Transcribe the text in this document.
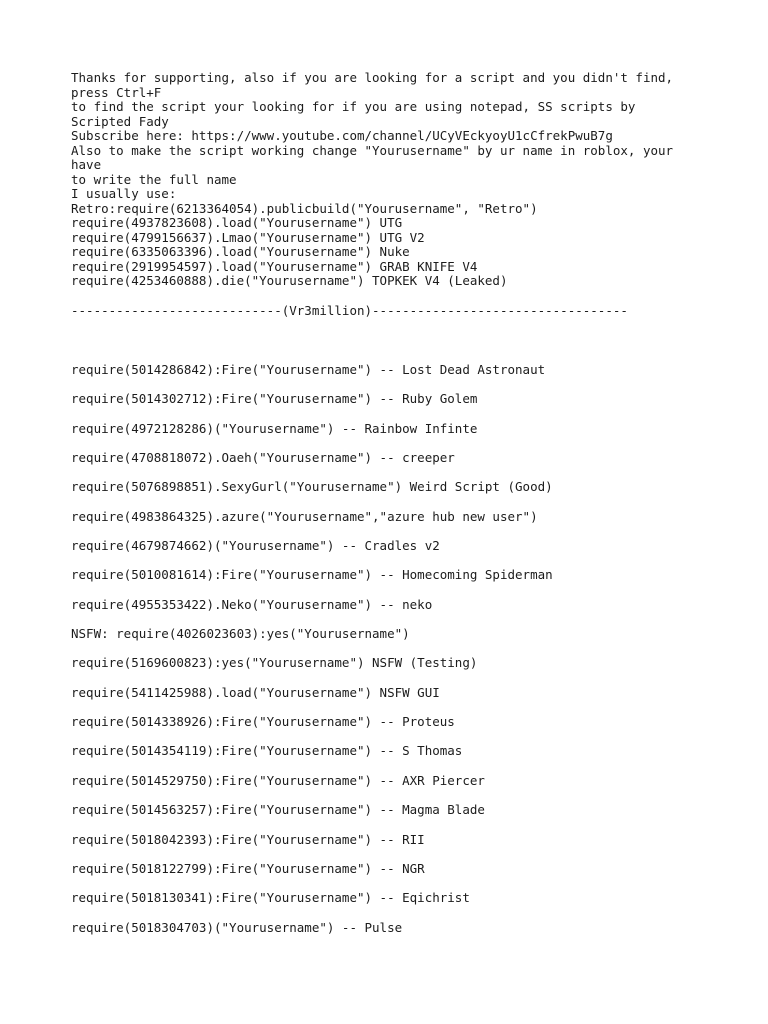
Thanks for supporting, also if you are looking for a script and you didn't find,
press Ctrl+F
to find the script your looking for if you are using notepad, SS scripts by
Scripted Fady
Subscribe here: https://www.youtube.com/channel/UCyVEckyoyU1cCfrekPwuB7g
Also to make the script working change "Yourusername" by ur name in roblox, your
have
to write the full name
I usually use:
Retro:require(6213364054).publicbuild("Yourusername", "Retro")
require(4937823608).load("Yourusername") UTG
require(4799156637).Lmao("Yourusername") UTG V2
require(6335063396).load("Yourusername") Nuke
require(2919954597).load("Yourusername") GRAB KNIFE V4
require(4253460888).die("Yourusername") TOPKEK V4 (Leaked)
----------------------------(Vr3million)----------------------------------
require(5014286842):Fire("Yourusername") -- Lost Dead Astronaut
require(5014302712):Fire("Yourusername") -- Ruby Golem
require(4972128286)("Yourusername") -- Rainbow Infinte
require(4708818072).Oaeh("Yourusername") -- creeper
require(5076898851).SexyGurl("Yourusername") Weird Script (Good)
require(4983864325).azure("Yourusername","azure hub new user")
require(4679874662)("Yourusername") -- Cradles v2
require(5010081614):Fire("Yourusername") -- Homecoming Spiderman
require(4955353422).Neko("Yourusername") -- neko
NSFW: require(4026023603):yes("Yourusername")
require(5169600823):yes("Yourusername") NSFW (Testing)
require(5411425988).load("Yourusername") NSFW GUI
require(5014338926):Fire("Yourusername") -- Proteus
require(5014354119):Fire("Yourusername") -- S Thomas
require(5014529750):Fire("Yourusername") -- AXR Piercer
require(5014563257):Fire("Yourusername") -- Magma Blade
require(5018042393):Fire("Yourusername") -- RII
require(5018122799):Fire("Yourusername") -- NGR
require(5018130341):Fire("Yourusername") -- Eqichrist
require(5018304703)("Yourusername") -- Pulse
